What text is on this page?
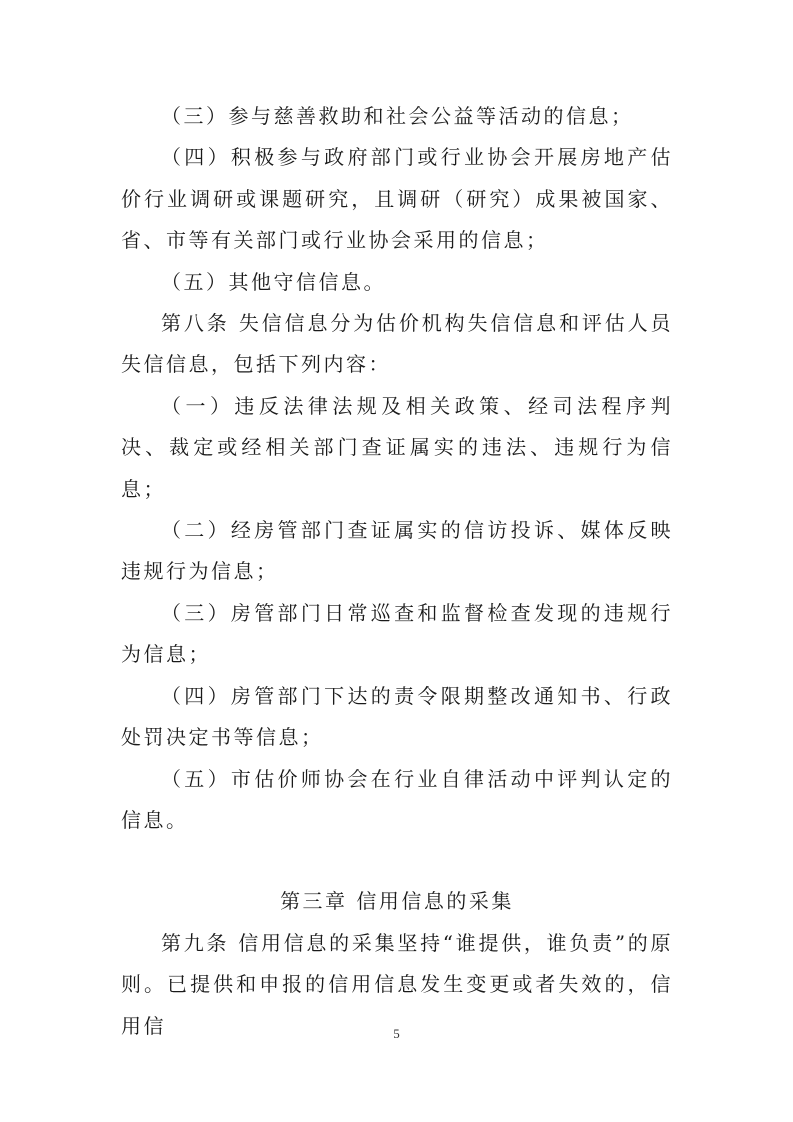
（三）参与慈善救助和社会公益等活动的信息；

（四）积极参与政府部门或行业协会开展房地产估价行业调研或课题研究，且调研（研究）成果被国家、省、市等有关部门或行业协会采用的信息；

（五）其他守信信息。

第八条 失信信息分为估价机构失信信息和评估人员失信信息，包括下列内容：

（一）违反法律法规及相关政策、经司法程序判决、裁定或经相关部门查证属实的违法、违规行为信息；

（二）经房管部门查证属实的信访投诉、媒体反映违规行为信息；

（三）房管部门日常巡查和监督检查发现的违规行为信息；

（四）房管部门下达的责令限期整改通知书、行政处罚决定书等信息；

（五）市估价师协会在行业自律活动中评判认定的信息。

第三章 信用信息的采集

第九条 信用信息的采集坚持“谁提供，谁负责”的原则。已提供和申报的信用信息发生变更或者失效的，信用信	5
